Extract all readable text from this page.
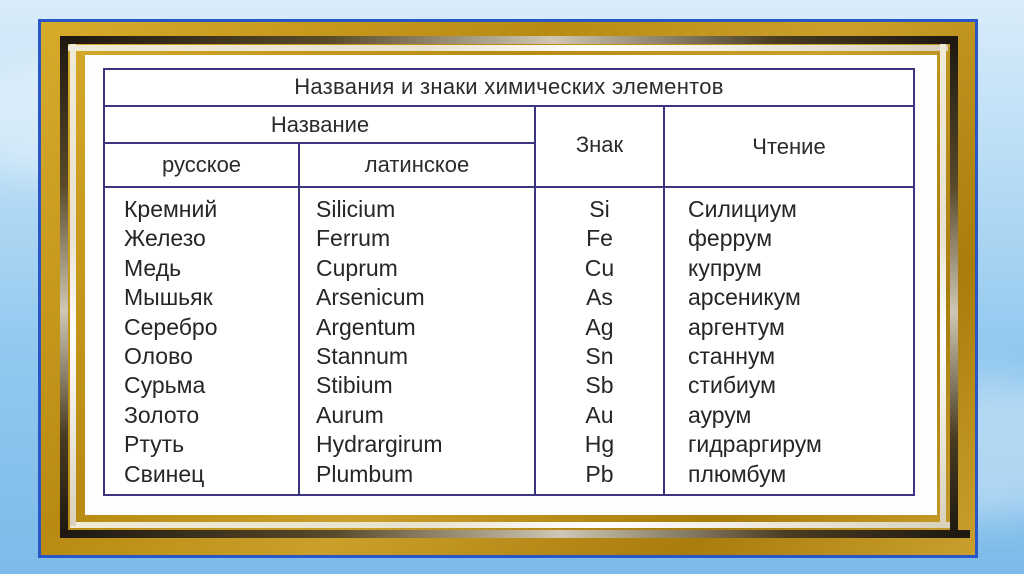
Названия и знаки химических элементов
Название
русское	латинское
Знак	Чтение
Кремний
Железо
Медь
Мышьяк
Серебро
Олово
Сурьма
Золото
Ртуть
Свинец
Silicium
Ferrum
Cuprum
Arsenicum
Argentum
Stannum
Stibium
Aurum
Hydrargirum
Plumbum
Si
Fe
Cu
As
Ag
Sn
Sb
Au
Hg
Pb
Силициум
феррум
купрум
арсеникум
аргентум
станнум
стибиум
аурум
гидраргирум
плюмбум
